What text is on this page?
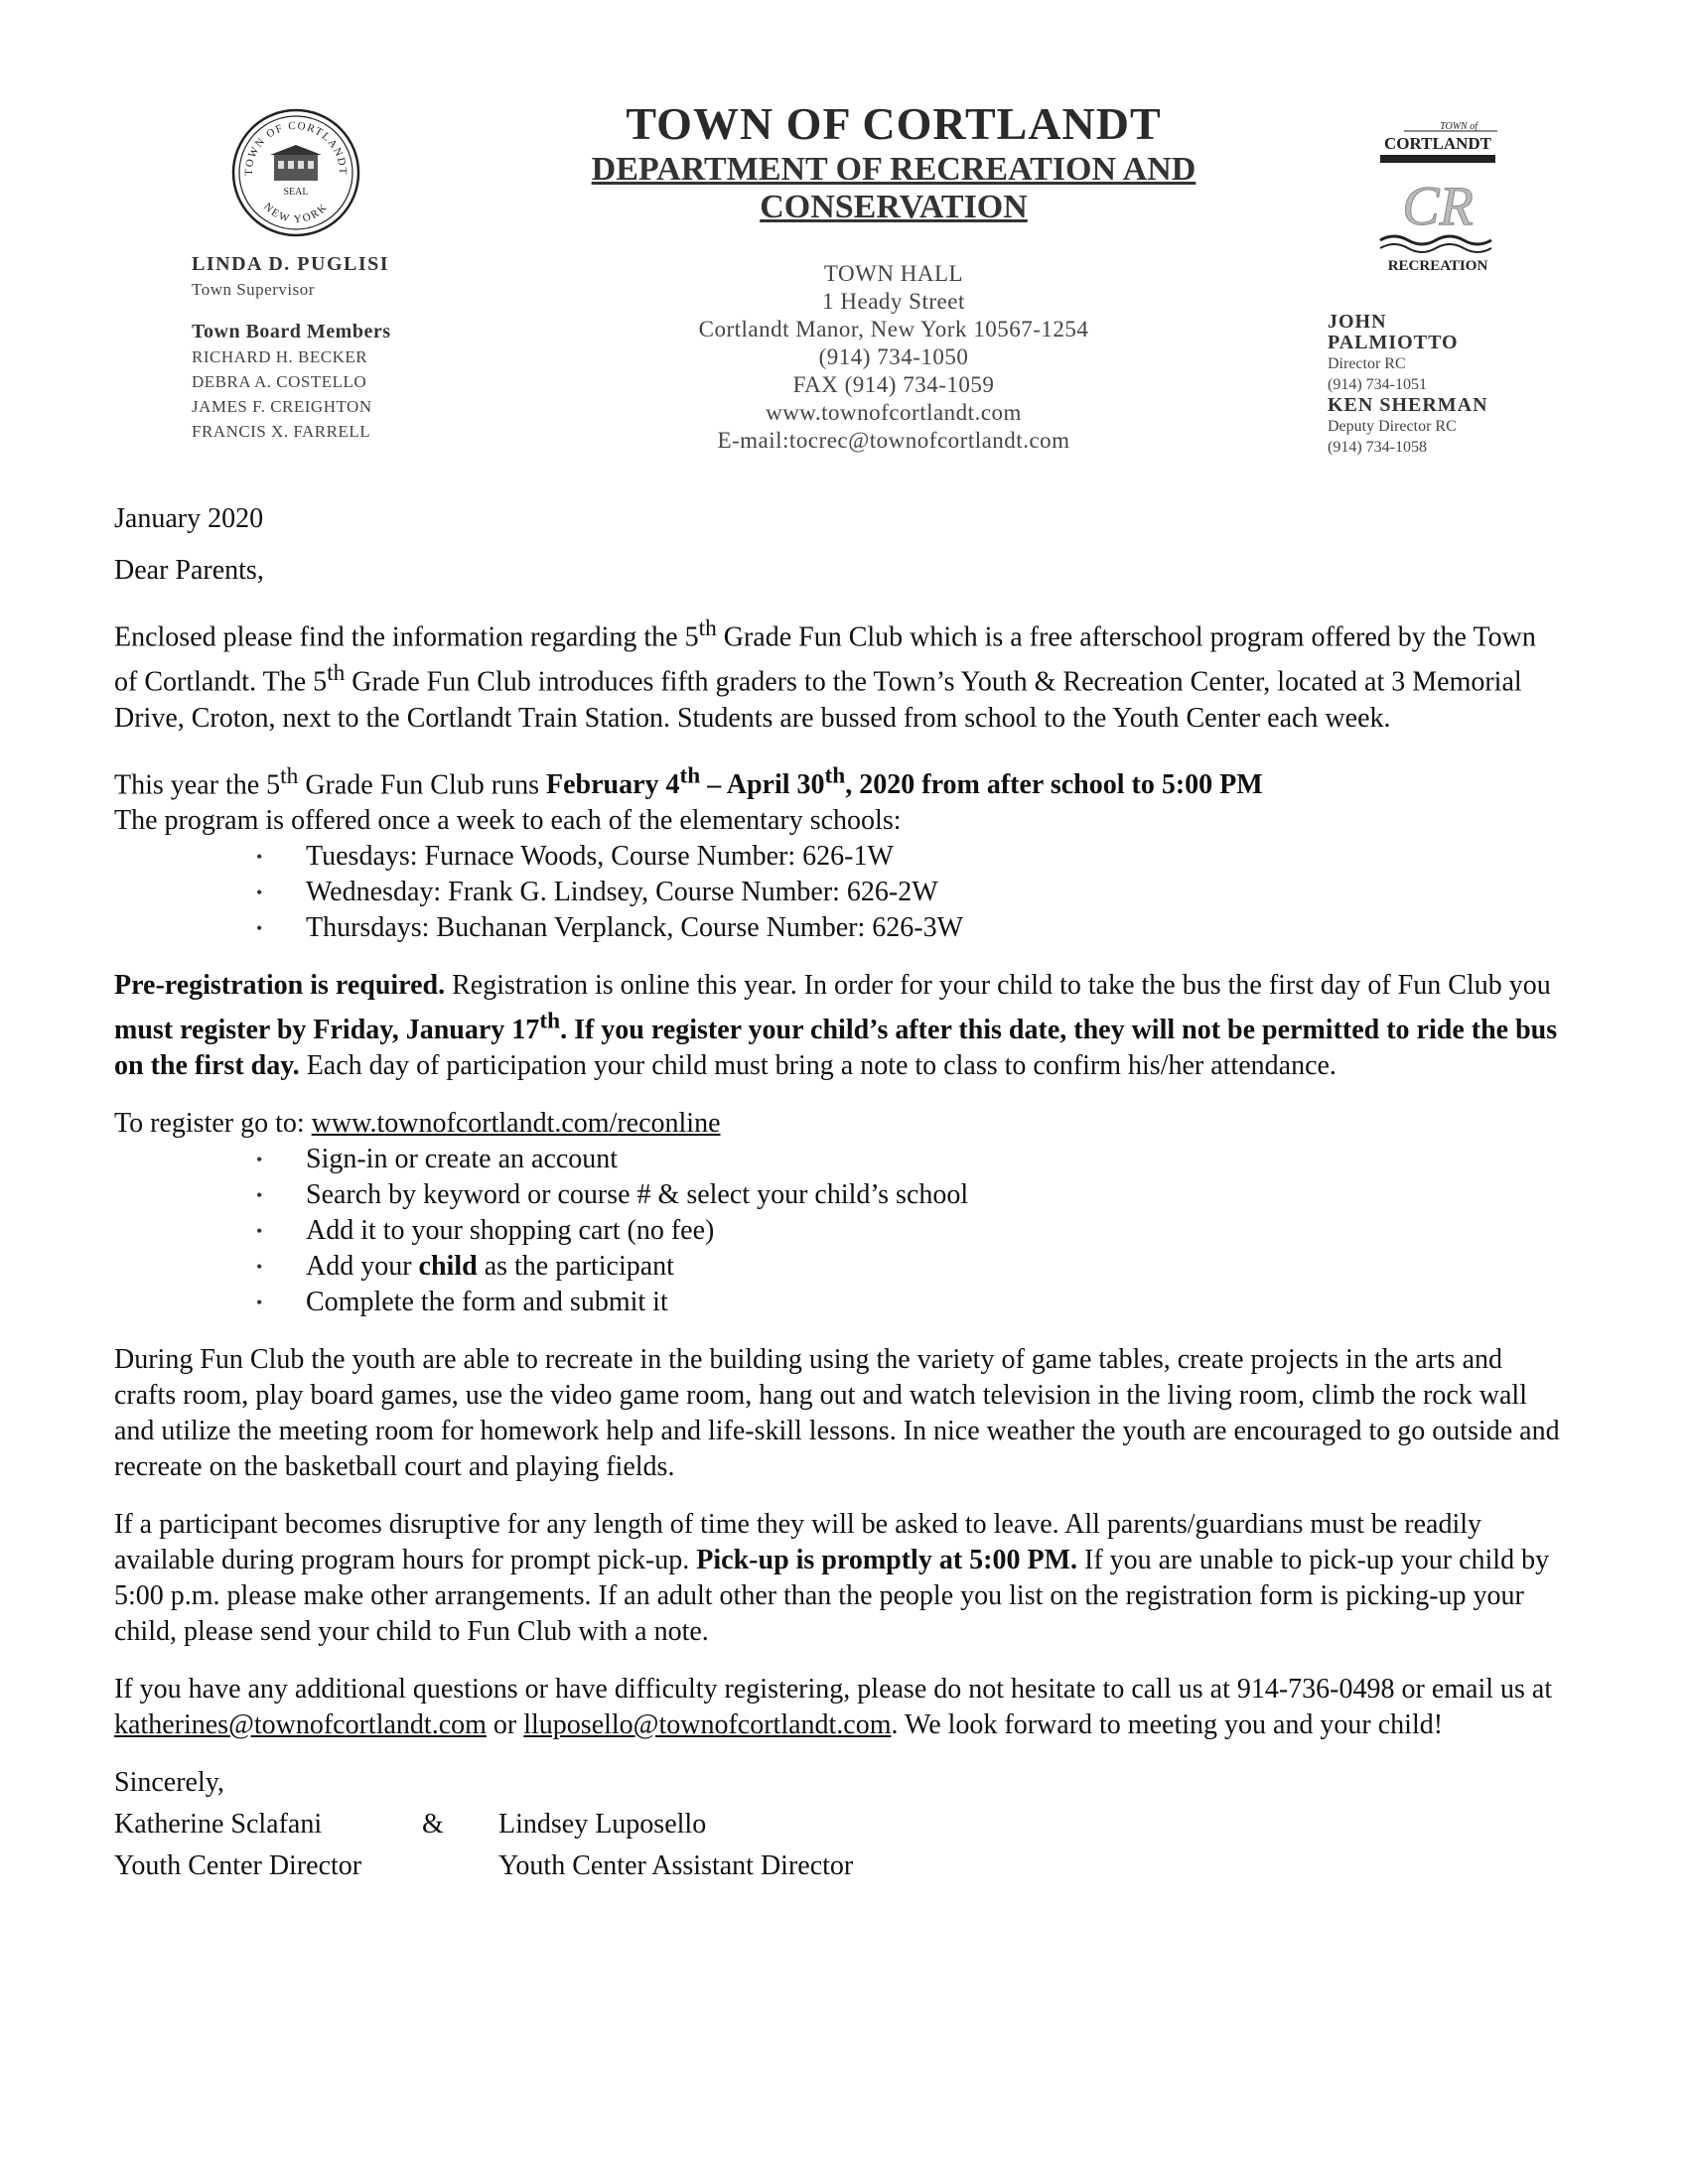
TOWN OF CORTLANDT
NEW YORK
SEAL
TOWN OF CORTLANDT
DEPARTMENT OF RECREATION AND
CONSERVATION
TOWN of
CORTLANDT
CR
RECREATION
LINDA D. PUGLISI
Town Supervisor
Town Board Members
RICHARD H. BECKER
DEBRA A. COSTELLO
JAMES F. CREIGHTON
FRANCIS X. FARRELL
TOWN HALL
1 Heady Street
Cortlandt Manor, New York 10567-1254
(914) 734-1050
FAX (914) 734-1059
www.townofcortlandt.com
E-mail:tocrec@townofcortlandt.com
JOHN
PALMIOTTO
Director RC
(914) 734-1051
KEN SHERMAN
Deputy Director RC
(914) 734-1058

January 2020

Dear Parents,

Enclosed please find the information regarding the 5th Grade Fun Club which is a free afterschool program offered by the Town of Cortlandt. The 5th Grade Fun Club introduces fifth graders to the Town’s Youth & Recreation Center, located at 3 Memorial Drive, Croton, next to the Cortlandt Train Station. Students are bussed from school to the Youth Center each week.

This year the 5th Grade Fun Club runs February 4th – April 30th, 2020 from after school to 5:00 PM
The program is offered once a week to each of the elementary schools:

• Tuesdays: Furnace Woods, Course Number: 626-1W
• Wednesday: Frank G. Lindsey, Course Number: 626-2W
• Thursdays: Buchanan Verplanck, Course Number: 626-3W

Pre-registration is required. Registration is online this year. In order for your child to take the bus the first day of Fun Club you must register by Friday, January 17th. If you register your child’s after this date, they will not be permitted to ride the bus on the first day. Each day of participation your child must bring a note to class to confirm his/her attendance.

To register go to: www.townofcortlandt.com/reconline

• Sign-in or create an account
• Search by keyword or course # & select your child’s school
• Add it to your shopping cart (no fee)
• Add your child as the participant
• Complete the form and submit it

During Fun Club the youth are able to recreate in the building using the variety of game tables, create projects in the arts and crafts room, play board games, use the video game room, hang out and watch television in the living room, climb the rock wall and utilize the meeting room for homework help and life-skill lessons. In nice weather the youth are encouraged to go outside and recreate on the basketball court and playing fields.

If a participant becomes disruptive for any length of time they will be asked to leave. All parents/guardians must be readily available during program hours for prompt pick-up. Pick-up is promptly at 5:00 PM. If you are unable to pick-up your child by 5:00 p.m. please make other arrangements. If an adult other than the people you list on the registration form is picking-up your child, please send your child to Fun Club with a note.

If you have any additional questions or have difficulty registering, please do not hesitate to call us at 914-736-0498 or email us at katherines@townofcortlandt.com or lluposello@townofcortlandt.com. We look forward to meeting you and your child!

Sincerely,
Katherine Sclafani	&	Lindsey Luposello
Youth Center Director	Youth Center Assistant Director
